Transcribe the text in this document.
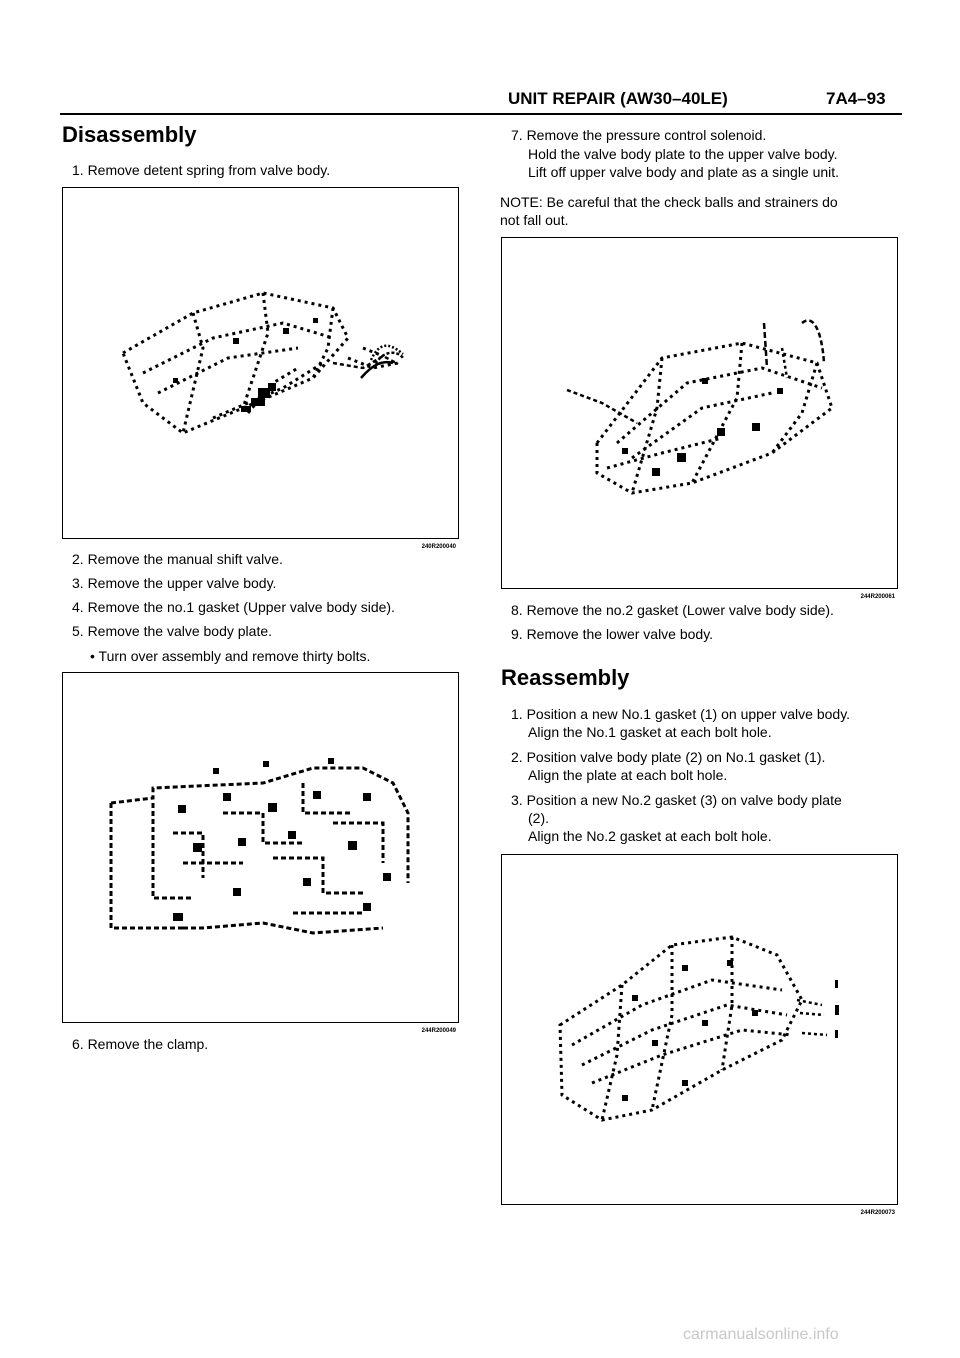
UNIT REPAIR (AW30–40LE)	7A4–93
Disassembly
1. Remove detent spring from valve body.
240R200040
2. Remove the manual shift valve.
3. Remove the upper valve body.
4. Remove the no.1 gasket (Upper valve body side).
5. Remove the valve body plate.
• Turn over assembly and remove thirty bolts.
244R200049
6. Remove the clamp.
7. Remove the pressure control solenoid.
Hold the valve body plate to the upper valve body.
Lift off upper valve body and plate as a single unit.
NOTE: Be careful that the check balls and strainers do
not fall out.
244R200061
8. Remove the no.2 gasket (Lower valve body side).
9. Remove the lower valve body.
Reassembly
1. Position a new No.1 gasket (1) on upper valve body.
Align the No.1 gasket at each bolt hole.
2. Position valve body plate (2) on No.1 gasket (1).
Align the plate at each bolt hole.
3. Position a new No.2 gasket (3) on valve body plate
(2).
Align the No.2 gasket at each bolt hole.
244R200073
carmanualsonline.info
